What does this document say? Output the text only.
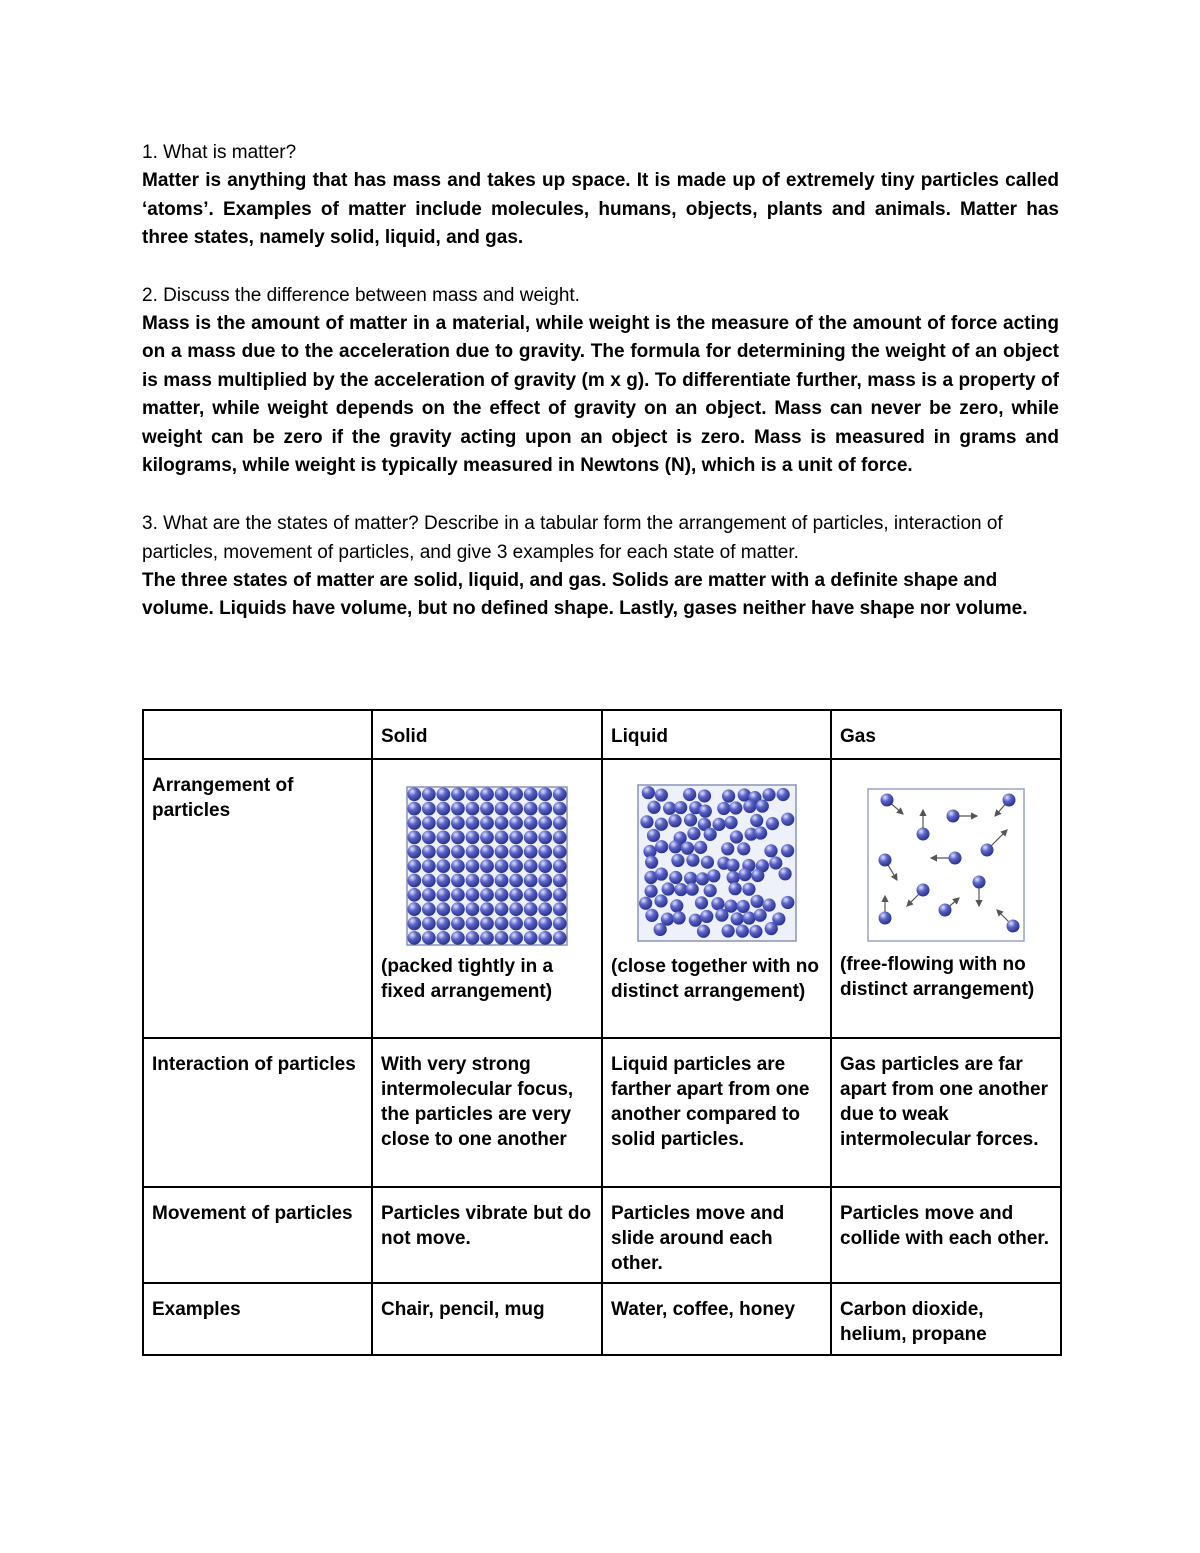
1. What is matter?

Matter is anything that has mass and takes up space. It is made up of extremely tiny particles called ‘atoms’. Examples of matter include molecules, humans, objects, plants and animals. Matter has three states, namely solid, liquid, and gas.

2. Discuss the difference between mass and weight.

Mass is the amount of matter in a material, while weight is the measure of the amount of force acting on a mass due to the acceleration due to gravity. The formula for determining the weight of an object is mass multiplied by the acceleration of gravity (m x g). To differentiate further, mass is a property of matter, while weight depends on the effect of gravity on an object. Mass can never be zero, while weight can be zero if the gravity acting upon an object is zero. Mass is measured in grams and kilograms, while weight is typically measured in Newtons (N), which is a unit of force.

3. What are the states of matter? Describe in a tabular form the arrangement of particles, interaction of particles, movement of particles, and give 3 examples for each state of matter.

The three states of matter are solid, liquid, and gas. Solids are matter with a definite shape and volume. Liquids have volume, but no defined shape. Lastly, gases neither have shape nor volume.

	Solid	Liquid	Gas
Arrangement of particles	(packed tightly in a fixed arrangement)	(close together with no distinct arrangement)	(free-flowing with no distinct arrangement)

Interaction of particles	With very strong intermolecular focus, the particles are very close to one another	Liquid particles are farther apart from one another compared to solid particles.	Gas particles are far apart from one another due to weak intermolecular forces.
Movement of particles	Particles vibrate but do not move.	Particles move and slide around each other.	Particles move and collide with each other.
Examples	Chair, pencil, mug	Water, coffee, honey	Carbon dioxide, helium, propane
